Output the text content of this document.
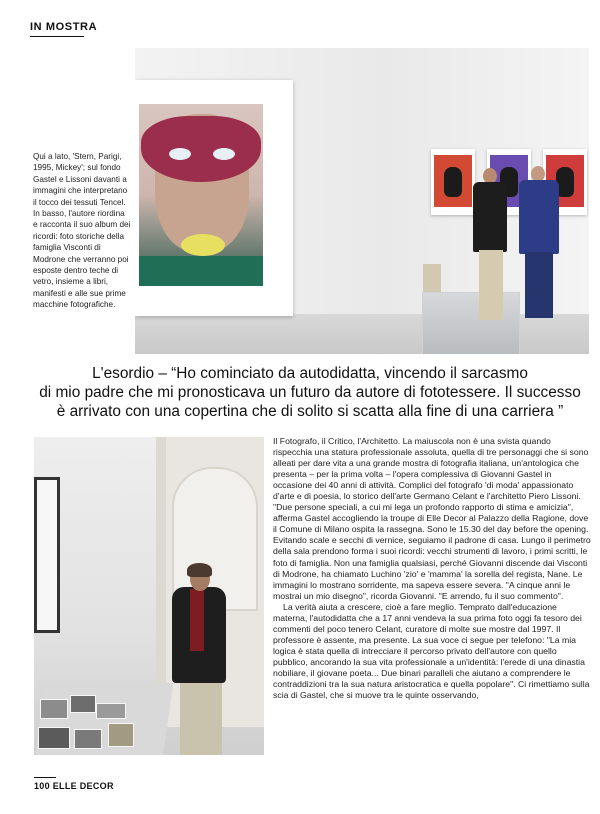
IN MOSTRA
Qui a lato, 'Stern, Parigi, 1995, Mickey'; sul fondo Gastel e Lissoni davanti a immagini che interpretano il tocco dei tessuti Tencel. In basso, l'autore riordina e racconta il suo album dei ricordi: foto storiche della famiglia Visconti di Modrone che verranno poi esposte dentro teche di vetro, insieme a libri, manifesti e alle sue prime macchine fotografiche.
L'esordio – “Ho cominciato da autodidatta, vincendo il sarcasmo
di mio padre che mi pronosticava un futuro da autore di fototessere. Il successo
è arrivato con una copertina che di solito si scatta alla fine di una carriera ”

Il Fotografo, il Critico, l'Architetto. La maiuscola non è una svista quando rispecchia una statura professionale assoluta, quella di tre personaggi che si sono alleati per dare vita a una grande mostra di fotografia italiana, un'antologica che presenta – per la prima volta – l'opera complessiva di Giovanni Gastel in occasione dei 40 anni di attività. Complici del fotografo 'di moda' appassionato d'arte e di poesia, lo storico dell'arte Germano Celant e l'architetto Piero Lissoni. "Due persone speciali, a cui mi lega un profondo rapporto di stima e amicizia", afferma Gastel accogliendo la troupe di Elle Decor al Palazzo della Ragione, dove il Comune di Milano ospita la rassegna. Sono le 15.30 del day before the opening. Evitando scale e secchi di vernice, seguiamo il padrone di casa. Lungo il perimetro della sala prendono forma i suoi ricordi: vecchi strumenti di lavoro, i primi scritti, le foto di famiglia. Non una famiglia qualsiasi, perché Giovanni discende dai Visconti di Modrone, ha chiamato Luchino 'zio' e 'mamma' la sorella del regista, Nane. Le immagini lo mostrano sorridente, ma sapeva essere severa. "A cinque anni le mostrai un mio disegno", ricorda Giovanni. "E arrendo, fu il suo commento".

La verità aiuta a crescere, cioè a fare meglio. Temprato dall'educazione materna, l'autodidatta che a 17 anni vendeva la sua prima foto oggi fa tesoro dei commenti del poco tenero Celant, curatore di molte sue mostre dal 1997. Il professore è assente, ma presente. La sua voce ci segue per telefono: "La mia logica è stata quella di intrecciare il percorso privato dell'autore con quello pubblico, ancorando la sua vita professionale a un'identità: l'erede di una dinastia nobiliare, il giovane poeta... Due binari paralleli che aiutano a comprendere le contraddizioni tra la sua natura aristocratica e quella popolare". Ci rimettiamo sulla scia di Gastel, che si muove tra le quinte osservando,

100 ELLE DECOR
